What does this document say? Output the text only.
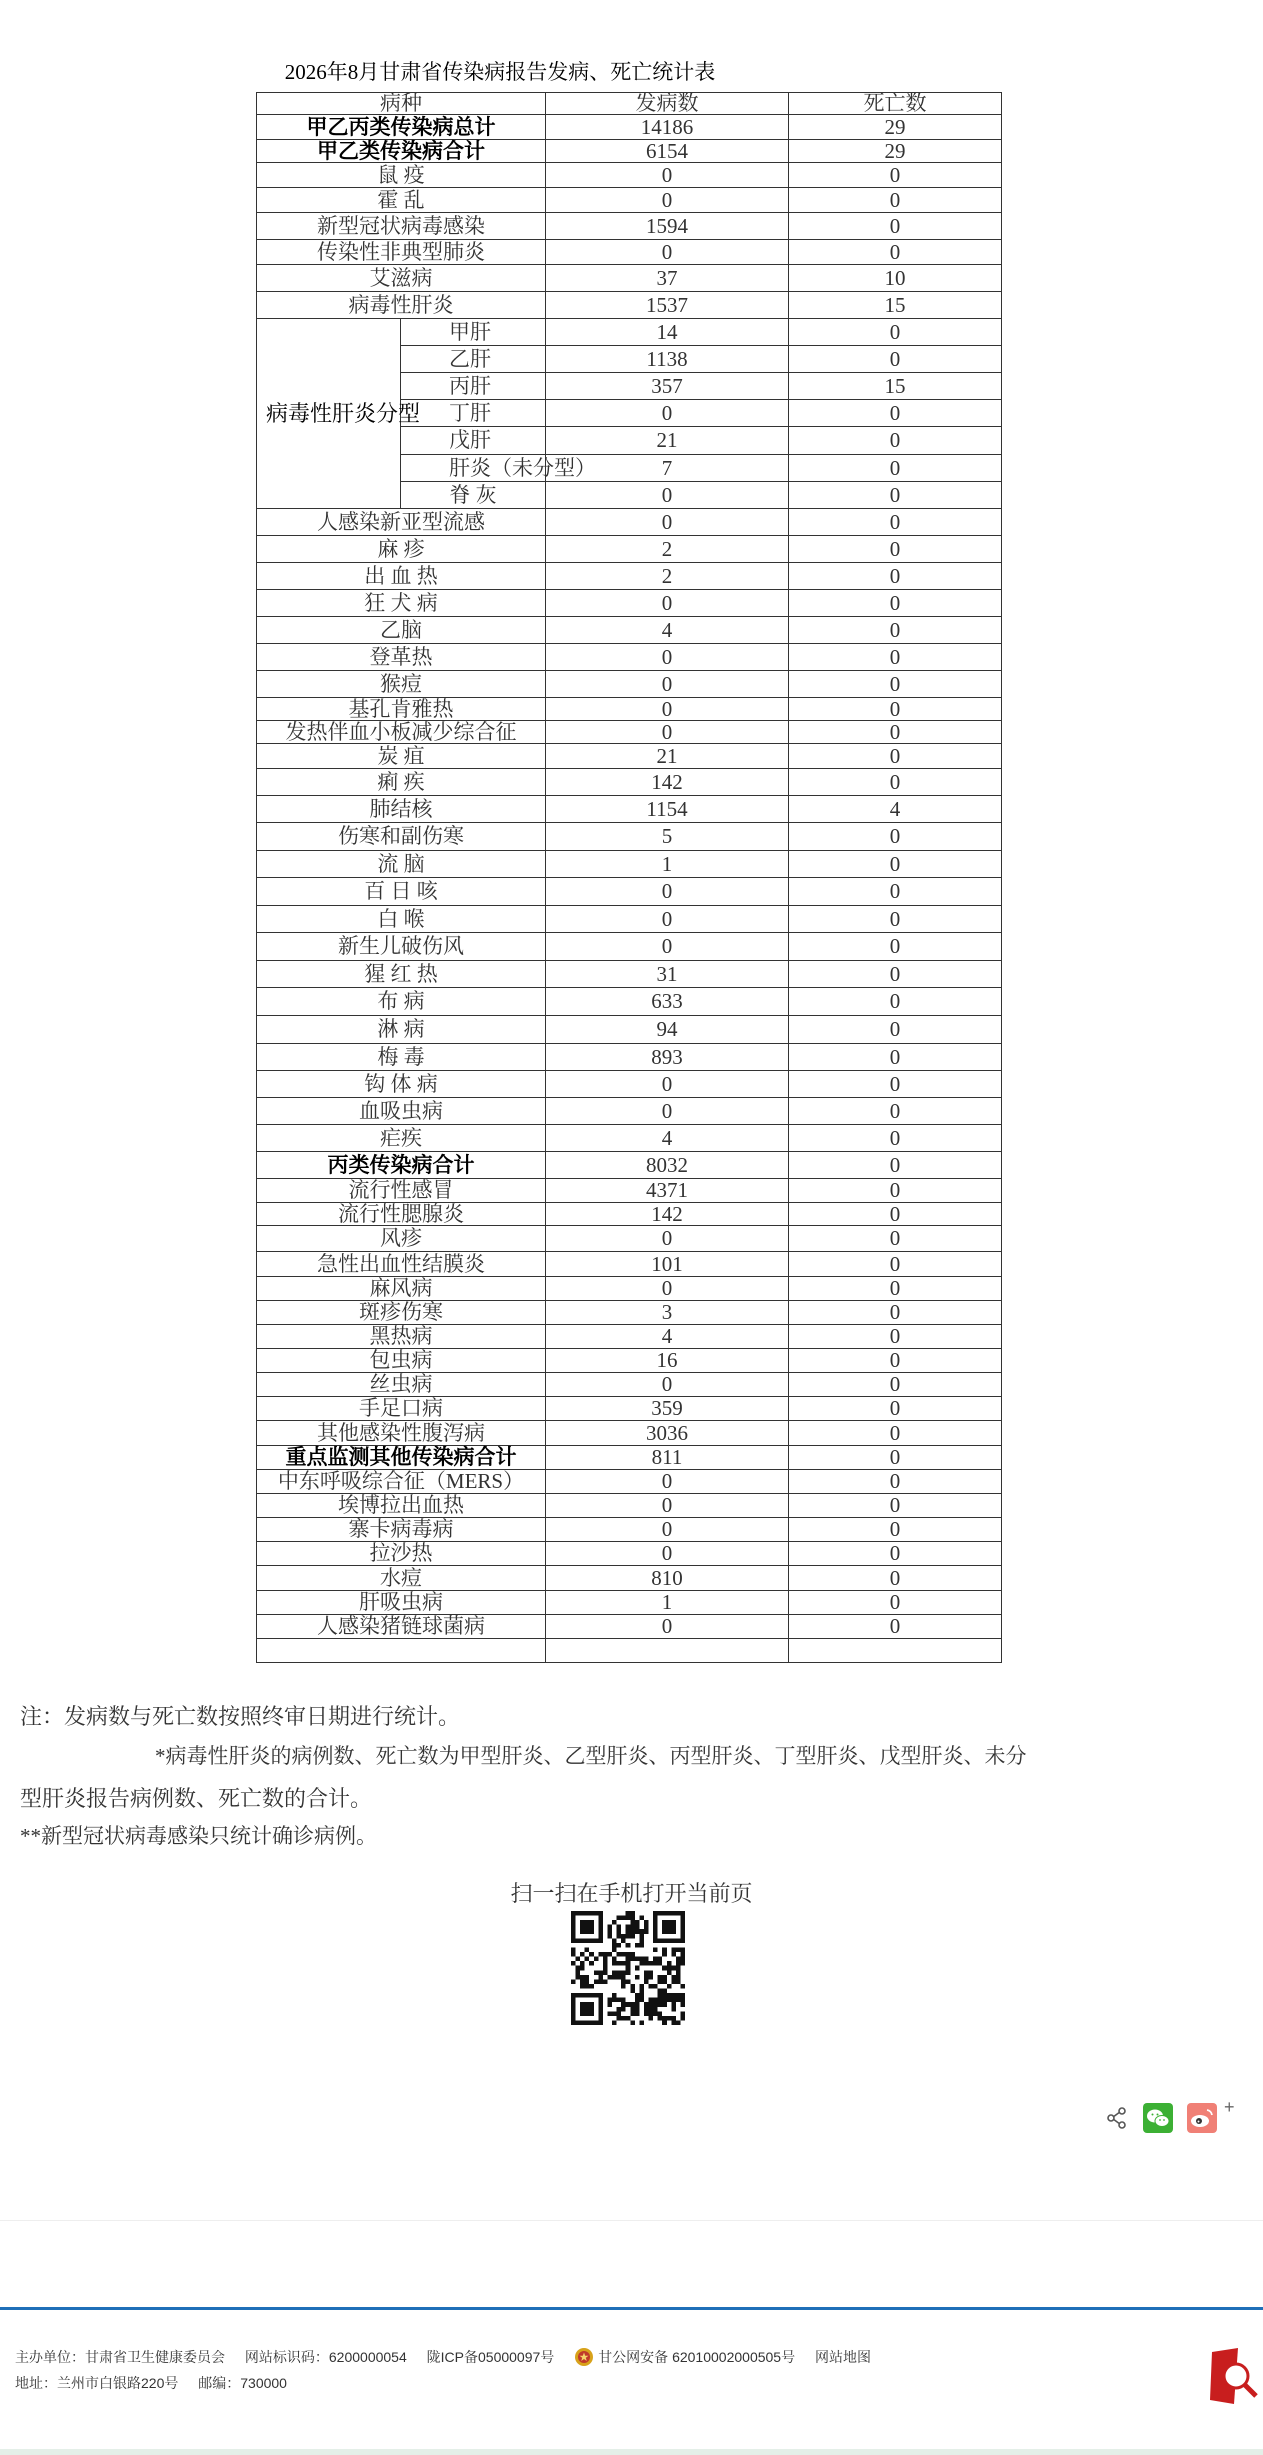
2026年8月甘肃省传染病报告发病、死亡统计表
病种		发病数	死亡数
甲乙丙类传染病总计		14186	29
甲乙类传染病合计		6154	29
鼠 疫		0	0
霍 乱		0	0
新型冠状病毒感染		1594	0
传染性非典型肺炎		0	0
艾滋病		37	10
病毒性肝炎		1537	15
病毒性肝炎分型	甲肝	14	0
	乙肝	1138	0
	丙肝	357	15
	丁肝	0	0
	戊肝	21	0
	肝炎（未分型）	7	0
	脊 灰	0	0
人感染新亚型流感		0	0
麻 疹		2	0
出 血 热		2	0
狂 犬 病		0	0
乙脑		4	0
登革热		0	0
猴痘		0	0
基孔肯雅热		0	0
发热伴血小板减少综合征		0	0
炭 疽		21	0
痢 疾		142	0
肺结核		1154	4
伤寒和副伤寒		5	0
流 脑		1	0
百 日 咳		0	0
白 喉		0	0
新生儿破伤风		0	0
猩 红 热		31	0
布 病		633	0
淋 病		94	0
梅 毒		893	0
钩 体 病		0	0
血吸虫病		0	0
疟疾		4	0
丙类传染病合计		8032	0
流行性感冒		4371	0
流行性腮腺炎		142	0
风疹		0	0
急性出血性结膜炎		101	0
麻风病		0	0
斑疹伤寒		3	0
黑热病		4	0
包虫病		16	0
丝虫病		0	0
手足口病		359	0
其他感染性腹泻病		3036	0
重点监测其他传染病合计		811	0
中东呼吸综合征（MERS）		0	0
埃博拉出血热		0	0
寨卡病毒病		0	0
拉沙热		0	0
水痘		810	0
肝吸虫病		1	0
人感染猪链球菌病		0	0

注：发病数与死亡数按照终审日期进行统计。
*病毒性肝炎的病例数、死亡数为甲型肝炎、乙型肝炎、丙型肝炎、丁型肝炎、戊型肝炎、未分
型肝炎报告病例数、死亡数的合计。
**新型冠状病毒感染只统计确诊病例。
扫一扫在手机打开当前页
+
主办单位：甘肃省卫生健康委员会 网站标识码：6200000054 陇ICP备05000097号	甘公网安备 62010002000505号 网站地图
地址：兰州市白银路220号 邮编：730000
